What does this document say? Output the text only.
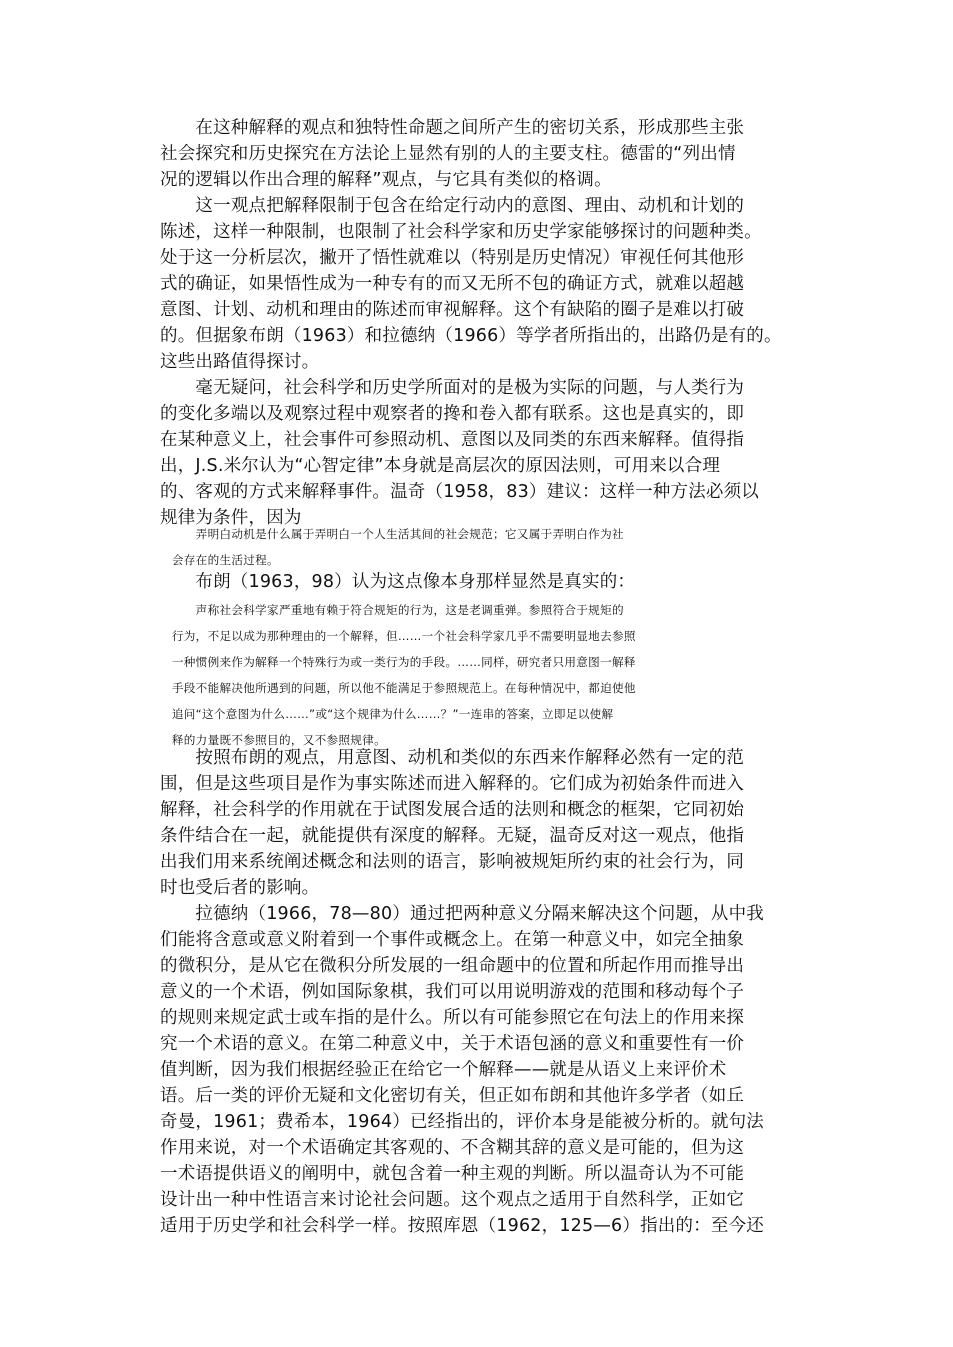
　　在这种解释的观点和独特性命题之间所产生的密切关系，形成那些主张
社会探究和历史探究在方法论上显然有别的人的主要支柱。德雷的“列出情
况的逻辑以作出合理的解释”观点，与它具有类似的格调。
　　这一观点把解释限制于包含在给定行动内的意图、理由、动机和计划的
陈述，这样一种限制，也限制了社会科学家和历史学家能够探讨的问题种类。
处于这一分析层次，撇开了悟性就难以（特别是历史情况）审视任何其他形
式的确证，如果悟性成为一种专有的而又无所不包的确证方式，就难以超越
意图、计划、动机和理由的陈述而审视解释。这个有缺陷的圈子是难以打破
的。但据象布朗（1963）和拉德纳（1966）等学者所指出的，出路仍是有的。
这些出路值得探讨。
　　毫无疑问，社会科学和历史学所面对的是极为实际的问题，与人类行为
的变化多端以及观察过程中观察者的搀和卷入都有联系。这也是真实的，即
在某种意义上，社会事件可参照动机、意图以及同类的东西来解释。值得指
出，J.S.米尔认为“心智定律”本身就是高层次的原因法则，可用来以合理
的、客观的方式来解释事件。温奇（1958，83）建议：这样一种方法必须以
规律为条件，因为

　　　弄明白动机是什么属于弄明白一个人生活其间的社会规范；它又属于弄明白作为社
　会存在的生活过程。

　　布朗（1963，98）认为这点像本身那样显然是真实的：

　　　声称社会科学家严重地有赖于符合规矩的行为，这是老调重弹。参照符合于规矩的
　行为，不足以成为那种理由的一个解释，但……一个社会科学家几乎不需要明显地去参照
　一种惯例来作为解释一个特殊行为或一类行为的手段。……同样，研究者只用意图一解释
　手段不能解决他所遇到的问题，所以他不能满足于参照规范上。在每种情况中，都迫使他
　追问“这个意图为什么……”或“这个规律为什么……？”一连串的答案，立即足以使解
　释的力量既不参照目的，又不参照规律。

　　按照布朗的观点，用意图、动机和类似的东西来作解释必然有一定的范
围，但是这些项目是作为事实陈述而进入解释的。它们成为初始条件而进入
解释，社会科学的作用就在于试图发展合适的法则和概念的框架，它同初始
条件结合在一起，就能提供有深度的解释。无疑，温奇反对这一观点，他指
出我们用来系统阐述概念和法则的语言，影响被规矩所约束的社会行为，同
时也受后者的影响。
　　拉德纳（1966，78—80）通过把两种意义分隔来解决这个问题，从中我
们能将含意或意义附着到一个事件或概念上。在第一种意义中，如完全抽象
的微积分，是从它在微积分所发展的一组命题中的位置和所起作用而推导出
意义的一个术语，例如国际象棋，我们可以用说明游戏的范围和移动每个子
的规则来规定武士或车指的是什么。所以有可能参照它在句法上的作用来探
究一个术语的意义。在第二种意义中，关于术语包涵的意义和重要性有一价
值判断，因为我们根据经验正在给它一个解释——就是从语义上来评价术
语。后一类的评价无疑和文化密切有关，但正如布朗和其他许多学者（如丘
奇曼，1961；费希本，1964）已经指出的，评价本身是能被分析的。就句法
作用来说，对一个术语确定其客观的、不含糊其辞的意义是可能的，但为这
一术语提供语义的阐明中，就包含着一种主观的判断。所以温奇认为不可能
设计出一种中性语言来讨论社会问题。这个观点之适用于自然科学，正如它
适用于历史学和社会科学一样。按照库恩（1962，125—6）指出的：至今还
